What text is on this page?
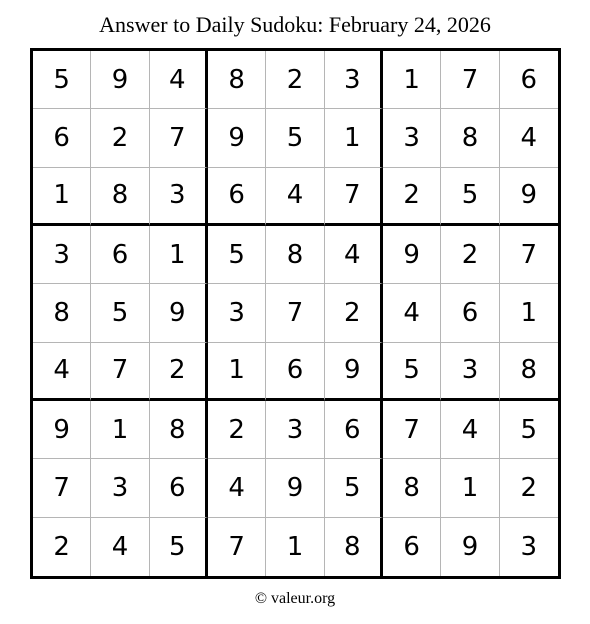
Answer to Daily Sudoku: February 24, 2026
5	9	4	8	2	3	1	7	6
6	2	7	9	5	1	3	8	4
1	8	3	6	4	7	2	5	9
3	6	1	5	8	4	9	2	7
8	5	9	3	7	2	4	6	1
4	7	2	1	6	9	5	3	8
9	1	8	2	3	6	7	4	5
7	3	6	4	9	5	8	1	2
2	4	5	7	1	8	6	9	3
© valeur.org
